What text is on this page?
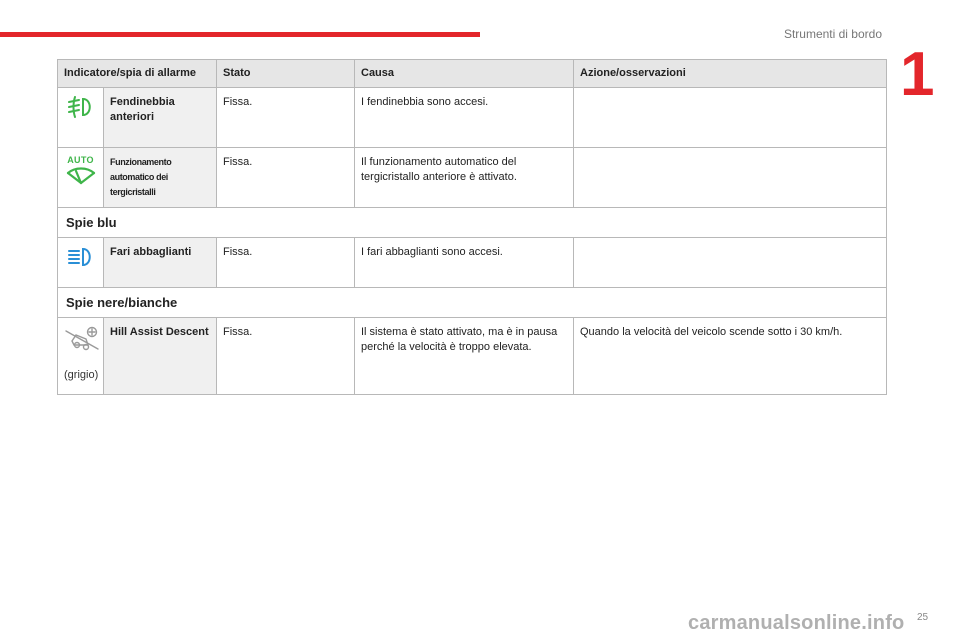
Strumenti di bordo
1
Indicatore/spia di allarme		Stato	Causa	Azione/osservazioni
	Fendinebbia anteriori	Fissa.	I fendinebbia sono accesi.	

AUTO	Funzionamento automatico dei tergicristalli	Fissa.	Il funzionamento automatico del tergicristallo anteriore è attivato.	
Spie blu				
	Fari abbaglianti	Fissa.	I fari abbaglianti sono accesi.	
Spie nere/bianche				

(grigio)	Hill Assist Descent	Fissa.	Il sistema è stato attivato, ma è in pausa perché la velocità è troppo elevata.	Quando la velocità del veicolo scende sotto i 30 km/h.
carmanualsonline.info 25
